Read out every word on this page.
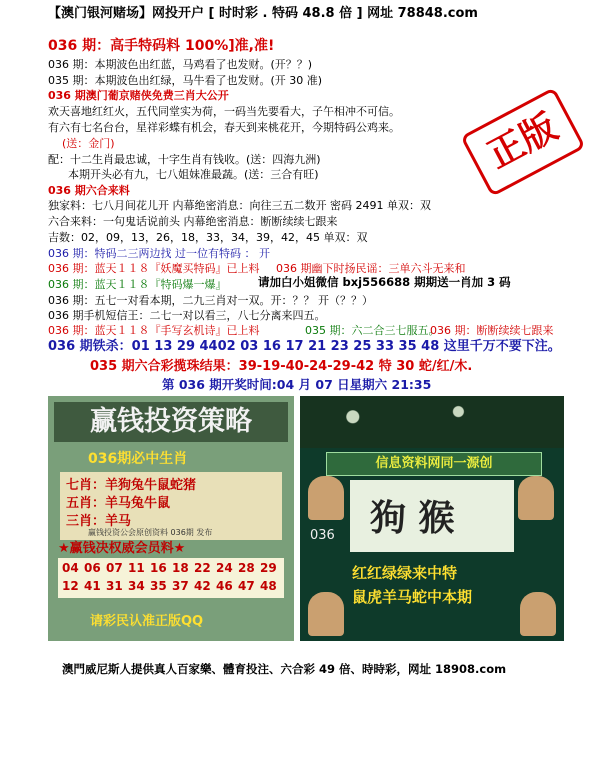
【澳门银河赌场】网投开户 [ 时时彩 . 特码 48.8 倍 ] 网址 78848.com
036 期：高手特码料 100%]准,准!
036 期：本期波色出红蓝，马鸡看了也发财。(开？？)
035 期：本期波色出红绿，马牛看了也发财。(开 30 准)
036 期澳门葡京赌侠免费三肖大公开
欢天喜地红红火，五代同堂实为荷，一码当先要看大，子午相冲不可信。
有六有七名台台，星祥彩蝶有机会，春天到来桃花开，今期特码公鸡来。
(送：金门)
配：十二生肖最忠诚，十字生肖有钱收。(送：四海九洲)
本期开头必有九，七八姐妹准最蔬。(送：三合有旺)
036 期六合来料
独家料：七八月间花儿开 内幕绝密消息：向往三五二数开 密码 2491 单双：双
六合来料：一句鬼话说前头 内幕绝密消息：断断续续七跟来
吉数：02，09，13，26，18，33，34，39，42，45 单双：双
036 期：特码二三两边找 过一位有特码 ： 开
036 期：蓝天１１８『妖魔买特码』已上料 036 期幽下时扬民谣：三单六斗无来和
036 期：蓝天１１８『特码爆一爆』	请加白小姐微信 bxj556688 期期送一肖加 3 码
036 期：五七一对看本期，二九三肖对一双。开：？？ 开（？？）
036 期手机短信王：二七一对以看三，八七分离来四五。
036 期：蓝天１１８『手写玄机诗』已上料	035 期：六二合三七服五。
036 期：断断续续七跟来
036 期铁杀：01 13 29 4402 03 16 17 21 23 25 33 35 48 这里千万不要下注。
035 期六合彩揽珠结果：39-19-40-24-29-42 特 30 蛇/红/木.
第 036 期开奖时间:04 月 07 日星期六 21:35
正版
赢钱投资策略
036期必中生肖
七肖：羊狗兔牛鼠蛇猪
五肖：羊马兔牛鼠
三肖：羊马
赢钱投资公会原创资料 036期 发布
★赢钱决权威会员料★
04 06 07 11 16 18 22 24 28 29
12 41 31 34 35 37 42 46 47 48
请彩民认准正版QQ
信息资料网同一源创
036 狗 猴
红红绿绿来中特
鼠虎羊马蛇中本期
澳門威尼斯人提供真人百家樂、體育投注、六合彩 49 倍、時時彩，网址 18908.com
